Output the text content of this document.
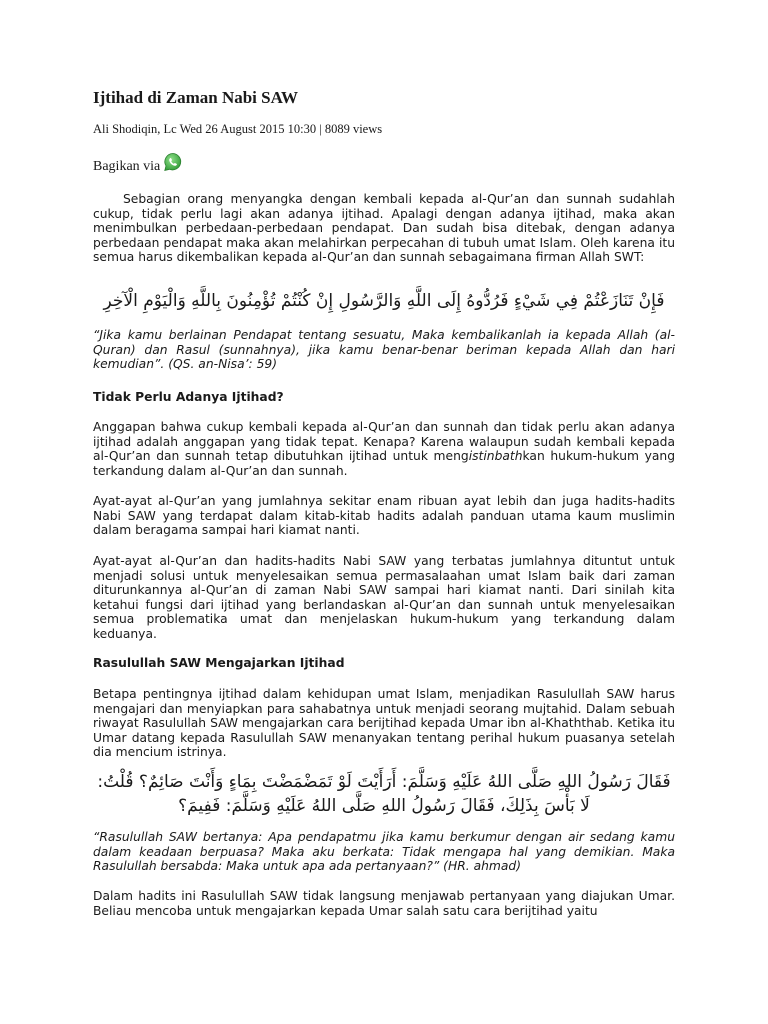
Ijtihad di Zaman Nabi SAW

Ali Shodiqin, Lc Wed 26 August 2015 10:30 | 8089 views

Bagikan via

Sebagian orang menyangka dengan kembali kepada al-Qur’an dan sunnah sudahlah cukup, tidak perlu lagi akan adanya ijtihad. Apalagi dengan adanya ijtihad, maka akan menimbulkan perbedaan-perbedaan pendapat. Dan sudah bisa ditebak, dengan adanya perbedaan pendapat maka akan melahirkan perpecahan di tubuh umat Islam. Oleh karena itu semua harus dikembalikan kepada al-Qur’an dan sunnah sebagaimana firman Allah SWT:

فَإِنْ تَنَازَعْتُمْ فِي شَيْءٍ فَرُدُّوهُ إِلَى اللَّهِ وَالرَّسُولِ إِنْ كُنْتُمْ تُؤْمِنُونَ بِاللَّهِ وَالْيَوْمِ الْآخِرِ

“Jika kamu berlainan Pendapat tentang sesuatu, Maka kembalikanlah ia kepada Allah (al-Quran) dan Rasul (sunnahnya), jika kamu benar-benar beriman kepada Allah dan hari kemudian”. (QS. an-Nisa’: 59)

Tidak Perlu Adanya Ijtihad?

Anggapan bahwa cukup kembali kepada al-Qur’an dan sunnah dan tidak perlu akan adanya ijtihad adalah anggapan yang tidak tepat. Kenapa? Karena walaupun sudah kembali kepada al-Qur’an dan sunnah tetap dibutuhkan ijtihad untuk mengistinbathkan hukum-hukum yang terkandung dalam al-Qur’an dan sunnah.

Ayat-ayat al-Qur’an yang jumlahnya sekitar enam ribuan ayat lebih dan juga hadits-hadits Nabi SAW yang terdapat dalam kitab-kitab hadits adalah panduan utama kaum muslimin dalam beragama sampai hari kiamat nanti.

Ayat-ayat al-Qur’an dan hadits-hadits Nabi SAW yang terbatas jumlahnya dituntut untuk menjadi solusi untuk menyelesaikan semua permasalaahan umat Islam baik dari zaman diturunkannya al-Qur’an di zaman Nabi SAW sampai hari kiamat nanti. Dari sinilah kita ketahui fungsi dari ijtihad yang berlandaskan al-Qur’an dan sunnah untuk menyelesaikan semua problematika umat dan menjelaskan hukum-hukum yang terkandung dalam keduanya.

Rasulullah SAW Mengajarkan Ijtihad

Betapa pentingnya ijtihad dalam kehidupan umat Islam, menjadikan Rasulullah SAW harus mengajari dan menyiapkan para sahabatnya untuk menjadi seorang mujtahid. Dalam sebuah riwayat Rasulullah SAW mengajarkan cara berijtihad kepada Umar ibn al-Khaththab. Ketika itu Umar datang kepada Rasulullah SAW menanyakan tentang perihal hukum puasanya setelah dia mencium istrinya.

فَقَالَ رَسُولُ اللهِ صَلَّى اللهُ عَلَيْهِ وَسَلَّمَ: أَرَأَيْتَ لَوْ تَمَضْمَضْتَ بِمَاءٍ وَأَنْتَ صَائِمٌ؟ قُلْتُ: لَا بَأْسَ بِذَلِكَ، فَقَالَ رَسُولُ اللهِ صَلَّى اللهُ عَلَيْهِ وَسَلَّمَ: فَفِيمَ؟

“Rasulullah SAW bertanya: Apa pendapatmu jika kamu berkumur dengan air sedang kamu dalam keadaan berpuasa? Maka aku berkata: Tidak mengapa hal yang demikian. Maka Rasulullah bersabda: Maka untuk apa ada pertanyaan?” (HR. ahmad)

Dalam hadits ini Rasulullah SAW tidak langsung menjawab pertanyaan yang diajukan Umar. Beliau mencoba untuk mengajarkan kepada Umar salah satu cara berijtihad yaitu
